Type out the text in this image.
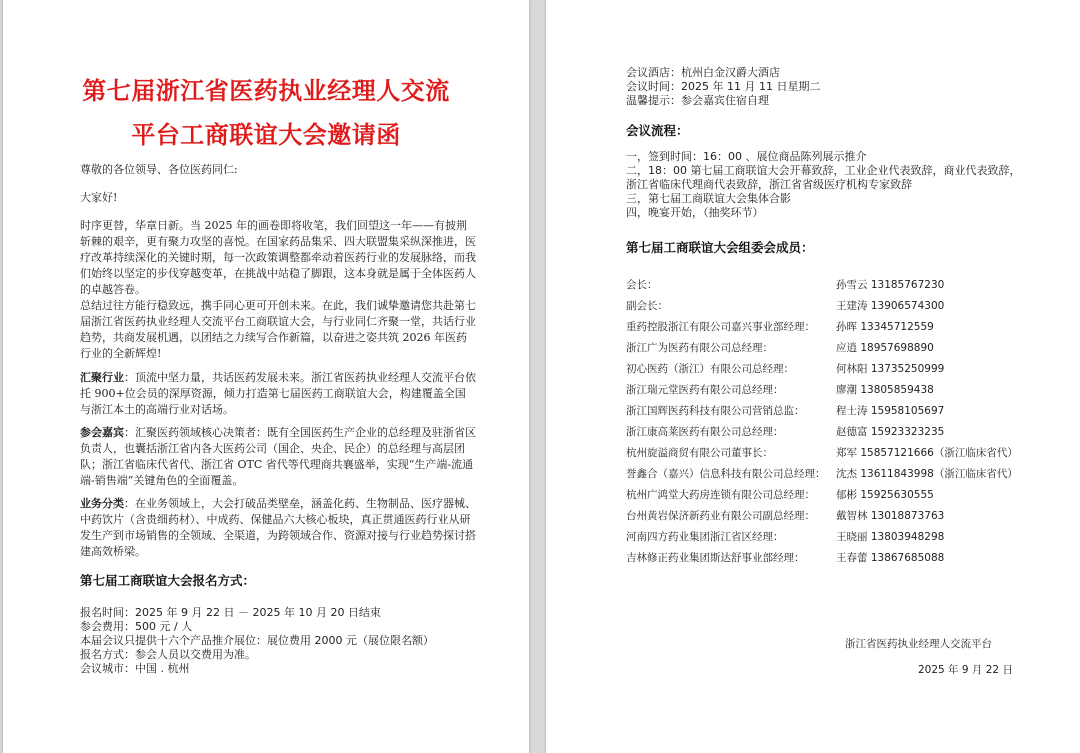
第七届浙江省医药执业经理人交流
平台工商联谊大会邀请函
尊敬的各位领导、各位医药同仁:
大家好!
时序更替，华章日新。当 2025 年的画卷即将收笔，我们回望这一年——有披荆斩棘的艰辛，更有聚力攻坚的喜悦。在国家药品集采、四大联盟集采纵深推进，医疗改革持续深化的关键时期，每一次政策调整都牵动着医药行业的发展脉络，而我们始终以坚定的步伐穿越变革，在挑战中站稳了脚跟，这本身就是属于全体医药人的卓越答卷。
总结过往方能行稳致远，携手同心更可开创未来。在此，我们诚挚邀请您共赴第七届浙江省医药执业经理人交流平台工商联谊大会，与行业同仁齐聚一堂，共话行业趋势，共商发展机遇，以团结之力续写合作新篇，以奋进之姿共筑 2026 年医药行业的全新辉煌!
汇聚行业：顶流中坚力量，共话医药发展未来。浙江省医药执业经理人交流平台依托 900+位会员的深厚资源，倾力打造第七届医药工商联谊大会，构建覆盖全国与浙江本土的高端行业对话场。
参会嘉宾：汇聚医药领域核心决策者：既有全国医药生产企业的总经理及驻浙省区负责人，也囊括浙江省内各大医药公司（国企、央企、民企）的总经理与高层团队；浙江省临床代省代、浙江省 OTC 省代等代理商共襄盛举，实现“生产端-流通端-销售端”关键角色的全面覆盖。
业务分类：在业务领域上，大会打破品类壁垒，涵盖化药、生物制品、医疗器械、中药饮片（含贵细药材）、中成药、保健品六大核心板块，真正贯通医药行业从研发生产到市场销售的全领域、全渠道，为跨领域合作、资源对接与行业趋势探讨搭建高效桥梁。
第七届工商联谊大会报名方式：
报名时间：2025 年 9 月 22 日 － 2025 年 10 月 20 日结束
参会费用：500 元 / 人
本届会议只提供十六个产品推介展位：展位费用 2000 元（展位限名额）
报名方式：参会人员以交费用为准。
会议城市：中国 . 杭州
会议酒店：杭州白金汉爵大酒店
会议时间：2025 年 11 月 11 日星期二
温馨提示：参会嘉宾住宿自理
会议流程：
一，签到时间：16：00 、展位商品陈列展示推介
二，18：00 第七届工商联谊大会开幕致辞，工业企业代表致辞，商业代表致辞，
浙江省临床代理商代表致辞，浙江省省级医疗机构专家致辞
三，第七届工商联谊大会集体合影
四，晚宴开始，（抽奖环节）
第七届工商联谊大会组委会成员：
会长：	孙雪云 13185767230
副会长：	王建涛 13906574300
重药控股浙江有限公司嘉兴事业部经理： 孙晖 13345712559
浙江广为医药有限公司总经理：	应逍 18957698890
初心医药（浙江）有限公司总经理：	何林阳 13735250999
浙江瑞元堂医药有限公司总经理：	廖潮 13805859438
浙江国辉医药科技有限公司营销总监：	程士涛 15958105697
浙江康高莱医药有限公司总经理：	赵德富 15923323235
杭州旋溢商贸有限公司董事长：	郑军 15857121666（浙江临床省代）
誉鑫合（嘉兴）信息科技有限公司总经理： 沈杰 13611843998（浙江临床省代）
杭州广鸿堂大药房连锁有限公司总经理： 郁彬 15925630555
台州黄岩保济新药业有限公司副总经理： 戴智林 13018873763
河南四方药业集团浙江省区经理：	王晓丽 13803948298
吉林修正药业集团斯达舒事业部经理：	王春蕾 13867685088
浙江省医药执业经理人交流平台
2025 年 9 月 22 日
